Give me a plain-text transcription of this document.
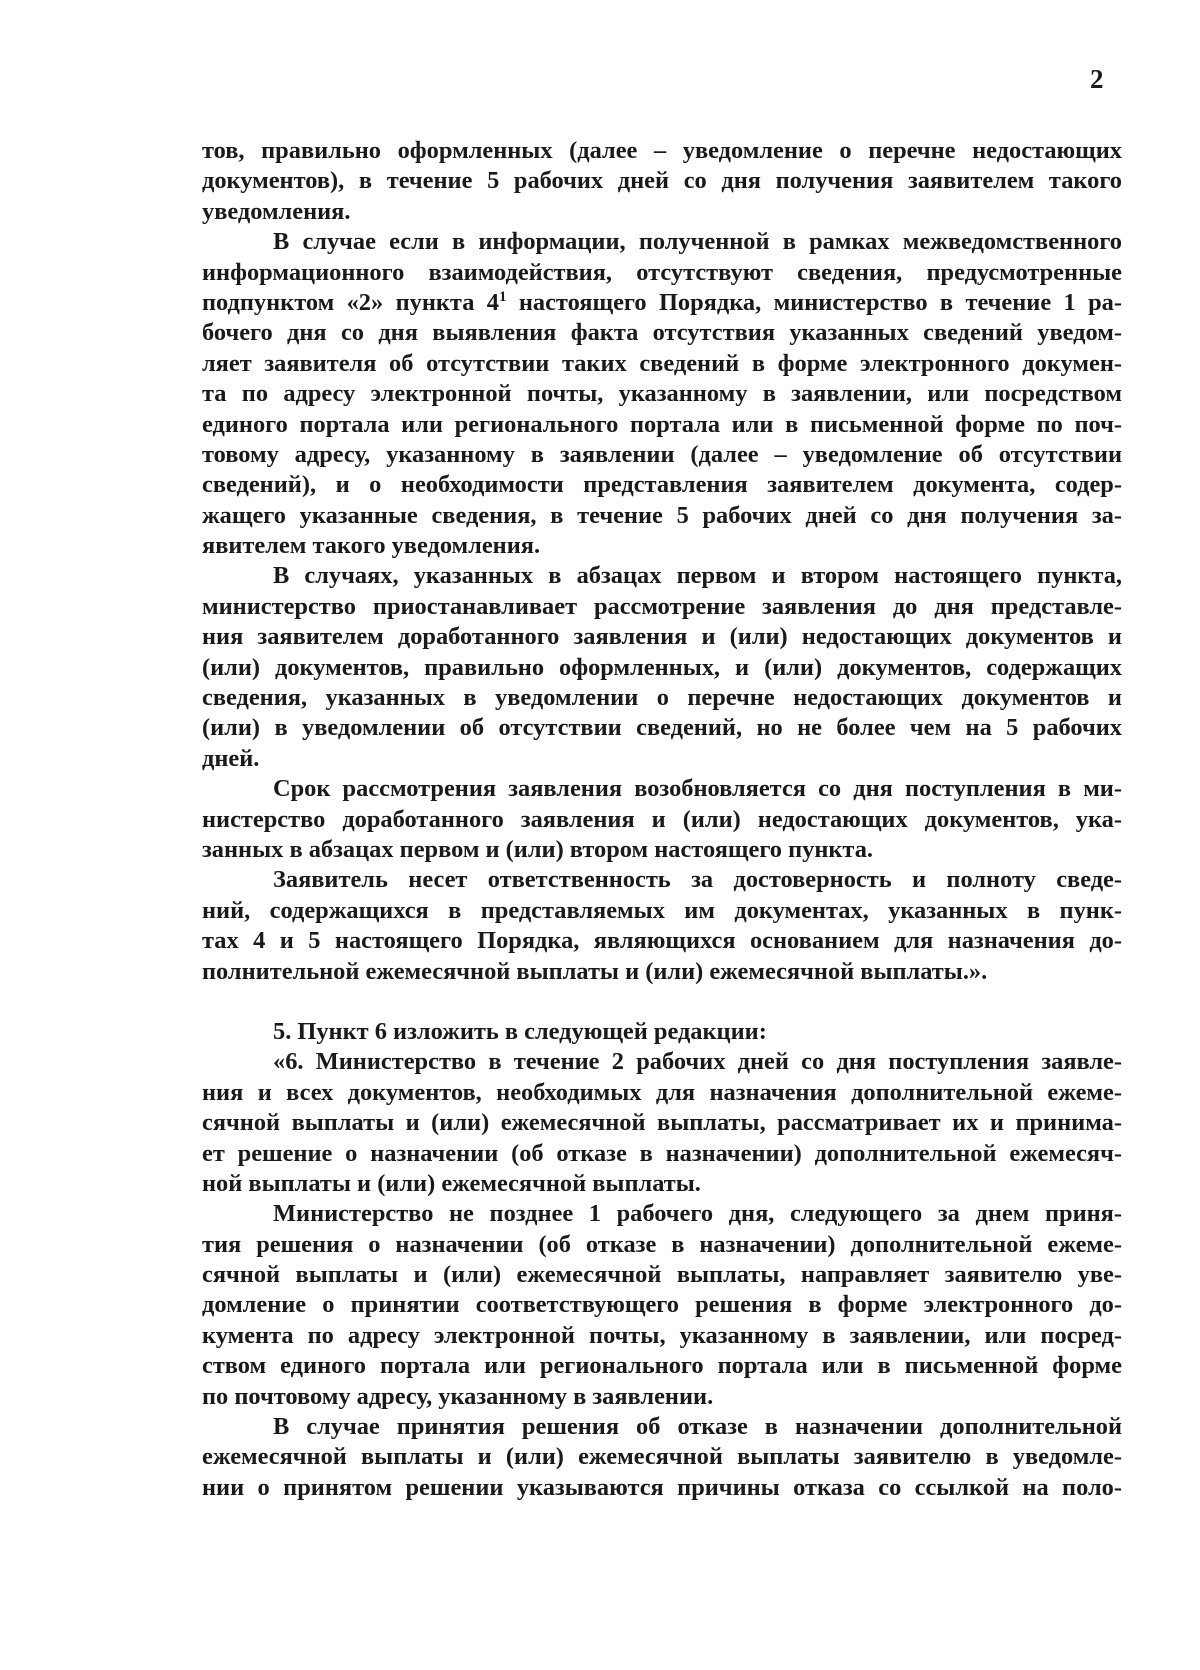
2
тов, правильно оформленных (далее – уведомление о перечне недостающих
документов), в течение 5 рабочих дней со дня получения заявителем такого
уведомления.
В случае если в информации, полученной в рамках межведомственного
информационного взаимодействия, отсутствуют сведения, предусмотренные
подпунктом «2» пункта $4^1$ настоящего Порядка, министерство в течение 1 ра-
бочего дня со дня выявления факта отсутствия указанных сведений уведом-
ляет заявителя об отсутствии таких сведений в форме электронного докумен-
та по адресу электронной почты, указанному в заявлении, или посредством
единого портала или регионального портала или в письменной форме по поч-
товому адресу, указанному в заявлении (далее – уведомление об отсутствии
сведений), и о необходимости представления заявителем документа, содер-
жащего указанные сведения, в течение 5 рабочих дней со дня получения за-
явителем такого уведомления.
В случаях, указанных в абзацах первом и втором настоящего пункта,
министерство приостанавливает рассмотрение заявления до дня представле-
ния заявителем доработанного заявления и (или) недостающих документов и
(или) документов, правильно оформленных, и (или) документов, содержащих
сведения, указанных в уведомлении о перечне недостающих документов и
(или) в уведомлении об отсутствии сведений, но не более чем на 5 рабочих
дней.
Срок рассмотрения заявления возобновляется со дня поступления в ми-
нистерство доработанного заявления и (или) недостающих документов, ука-
занных в абзацах первом и (или) втором настоящего пункта.
Заявитель несет ответственность за достоверность и полноту сведе-
ний, содержащихся в представляемых им документах, указанных в пунк-
тах 4 и 5 настоящего Порядка, являющихся основанием для назначения до-
полнительной ежемесячной выплаты и (или) ежемесячной выплаты.».
5. Пункт 6 изложить в следующей редакции:
«6. Министерство в течение 2 рабочих дней со дня поступления заявле-
ния и всех документов, необходимых для назначения дополнительной ежеме-
сячной выплаты и (или) ежемесячной выплаты, рассматривает их и принима-
ет решение о назначении (об отказе в назначении) дополнительной ежемесяч-
ной выплаты и (или) ежемесячной выплаты.
Министерство не позднее 1 рабочего дня, следующего за днем приня-
тия решения о назначении (об отказе в назначении) дополнительной ежеме-
сячной выплаты и (или) ежемесячной выплаты, направляет заявителю уве-
домление о принятии соответствующего решения в форме электронного до-
кумента по адресу электронной почты, указанному в заявлении, или посред-
ством единого портала или регионального портала или в письменной форме
по почтовому адресу, указанному в заявлении.
В случае принятия решения об отказе в назначении дополнительной
ежемесячной выплаты и (или) ежемесячной выплаты заявителю в уведомле-
нии о принятом решении указываются причины отказа со ссылкой на поло-
